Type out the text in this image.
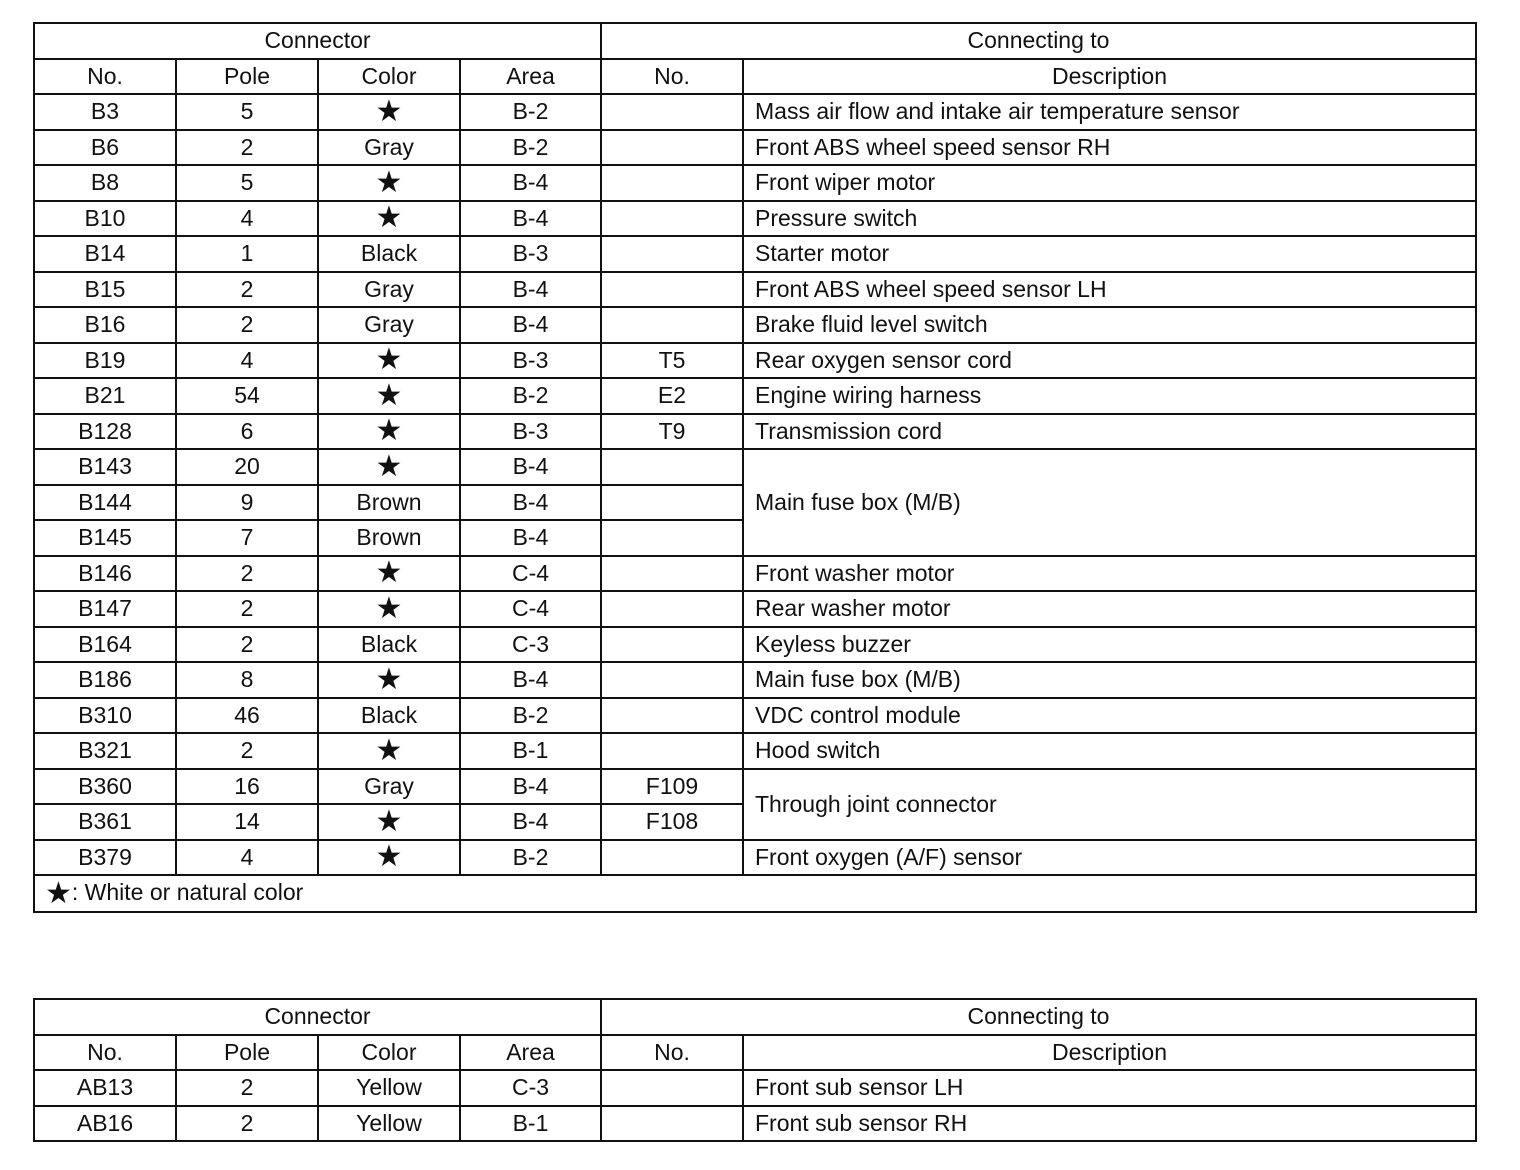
Connector				Connecting to	
No.	Pole	Color	Area	No.	Description
B3	5	★	B-2		Mass air flow and intake air temperature sensor
B6	2	Gray	B-2		Front ABS wheel speed sensor RH
B8	5	★	B-4		Front wiper motor
B10	4	★	B-4		Pressure switch
B14	1	Black	B-3		Starter motor
B15	2	Gray	B-4		Front ABS wheel speed sensor LH
B16	2	Gray	B-4		Brake fluid level switch
B19	4	★	B-3	T5	Rear oxygen sensor cord
B21	54	★	B-2	E2	Engine wiring harness
B128	6	★	B-3	T9	Transmission cord
B143	20	★	B-4		Main fuse box (M/B)
B144	9	Brown	B-4		
B145	7	Brown	B-4		
B146	2	★	C-4		Front washer motor
B147	2	★	C-4		Rear washer motor
B164	2	Black	C-3		Keyless buzzer
B186	8	★	B-4		Main fuse box (M/B)
B310	46	Black	B-2		VDC control module
B321	2	★	B-1		Hood switch
B360	16	Gray	B-4	F109	Through joint connector
B361	14	★	B-4	F108	
B379	4	★	B-2		Front oxygen (A/F) sensor
★: White or natural color					
Connector				Connecting to	
No.	Pole	Color	Area	No.	Description
AB13	2	Yellow	C-3		Front sub sensor LH
AB16	2	Yellow	B-1		Front sub sensor RH
